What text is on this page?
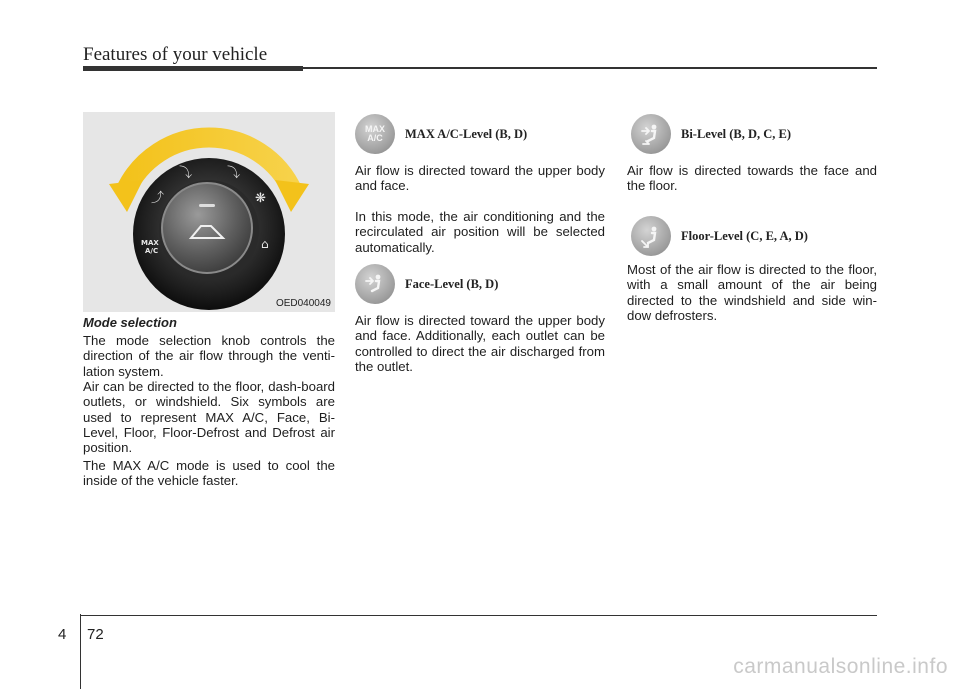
Features of your vehicle
⤴
⤵	⤵
❋
⌂
MAX
A/C
OED040049
Mode selection

The mode selection knob controls the direction of the air flow through the venti-lation system.

Air can be directed to the floor, dash-board outlets, or windshield. Six symbols are used to represent MAX A/C, Face, Bi-Level, Floor, Floor-Defrost and Defrost air position.

The MAX A/C mode is used to cool the inside of the vehicle faster.

MAX
A/C MAX A/C-Level (B, D)

Air flow is directed toward the upper body and face.

In this mode, the air conditioning and the recirculated air position will be selected automatically.

Face-Level (B, D)

Air flow is directed toward the upper body and face. Additionally, each outlet can be controlled to direct the air discharged from the outlet.

Bi-Level (B, D, C, E)

Air flow is directed towards the face and the floor.

Floor-Level (C, E, A, D)

Most of the air flow is directed to the floor, with a small amount of the air being directed to the windshield and side win-dow defrosters.

4 72
carmanualsonline.info
